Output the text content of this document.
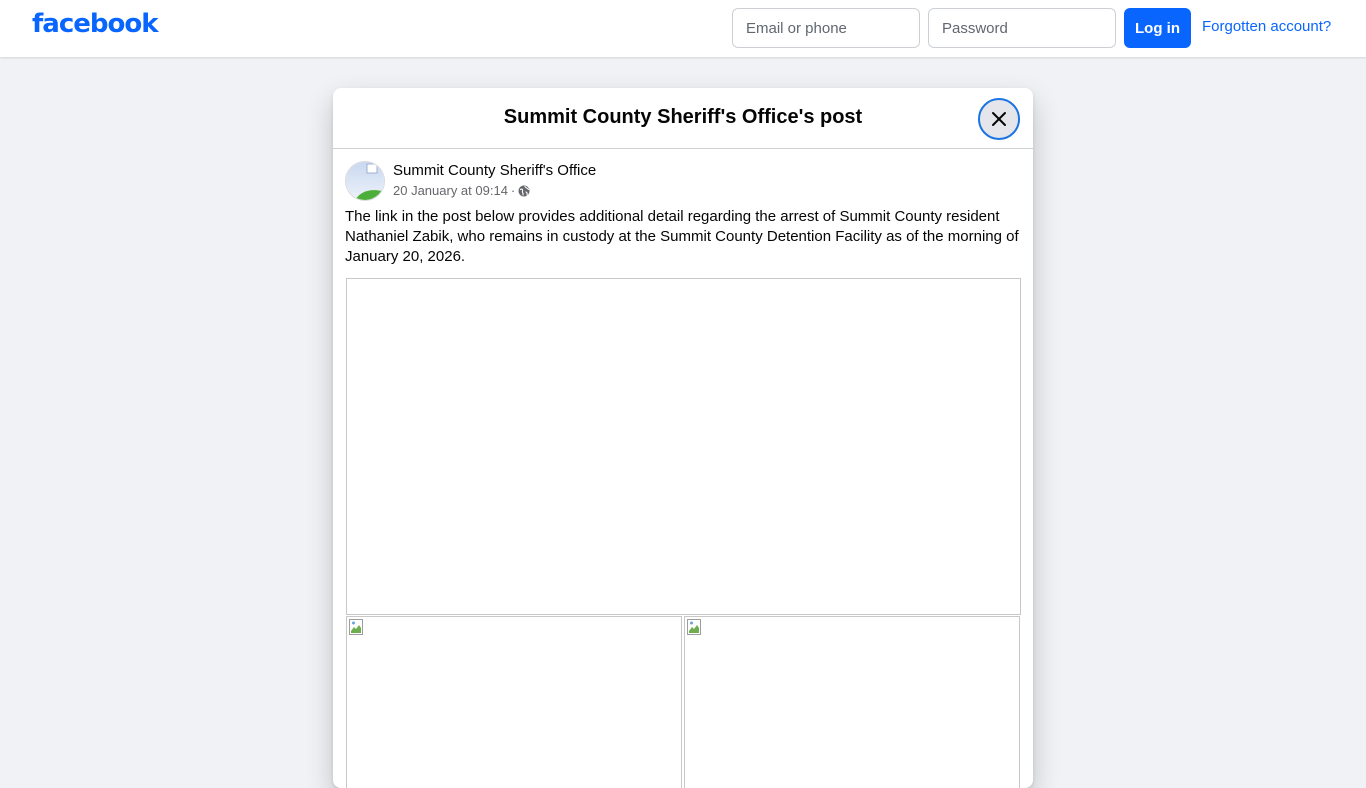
facebook
Email or phone	Log in	Forgotten account?
Summit County Sheriff's Office's post
Summit County Sheriff's Office
20 January at 09:14 ·
The link in the post below provides additional detail regarding the arrest of Summit County resident Nathaniel Zabik, who remains in custody at the Summit County Detention Facility as of the morning of January 20, 2026.
